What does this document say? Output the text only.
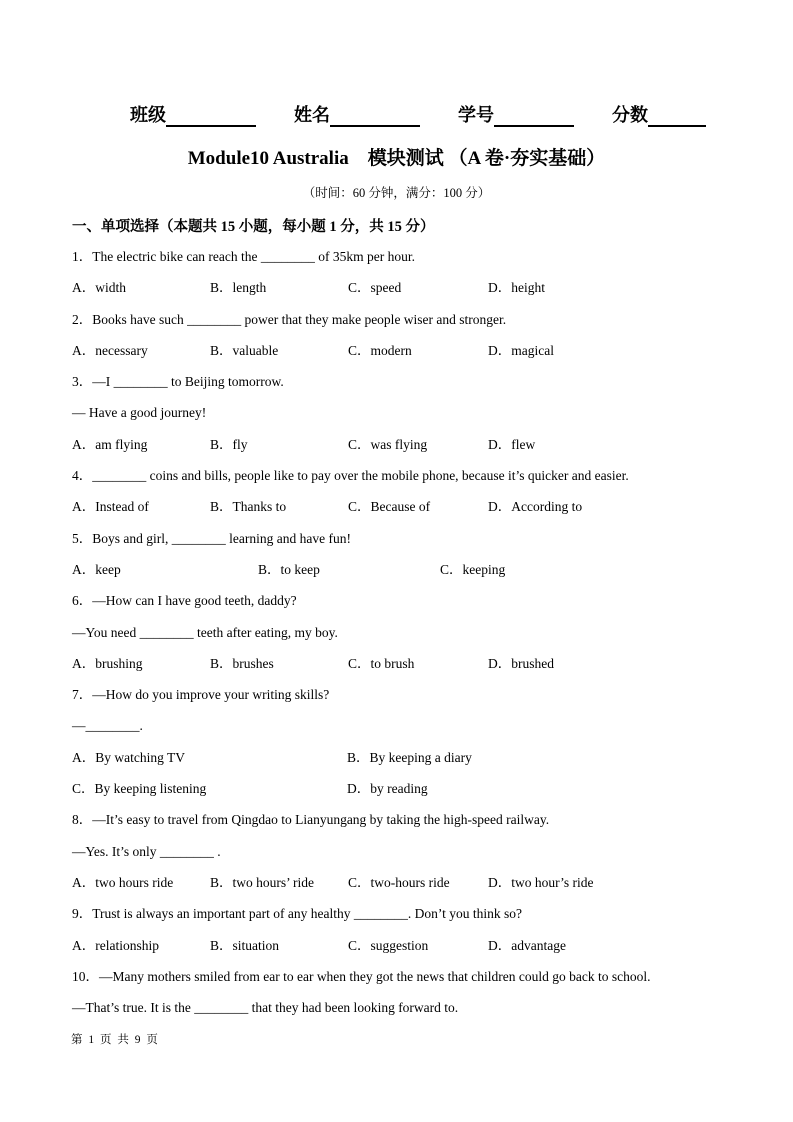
班级	姓名	学号	分数
Module10 Australia　模块测试 （A 卷·夯实基础）
（时间：60 分钟，满分：100 分）
一、单项选择（本题共 15 小题，每小题 1 分，共 15 分）
1．The electric bike can reach the ________ of 35km per hour.
A．width	B．length	C．speed	D．height
2．Books have such ________ power that they make people wiser and stronger.
A．necessary	B．valuable	C．modern	D．magical
3．—I ________ to Beijing tomorrow.
— Have a good journey!
A．am flying	B．fly	C．was flying	D．flew
4．________ coins and bills, people like to pay over the mobile phone, because it’s quicker and easier.
A．Instead of	B．Thanks to	C．Because of	D．According to
5．Boys and girl, ________ learning and have fun!
A．keep	B．to keep	C．keeping
6．—How can I have good teeth, daddy?
—You need ________ teeth after eating, my boy.
A．brushing	B．brushes	C．to brush	D．brushed
7．—How do you improve your writing skills?
—________.
A．By watching TV	B．By keeping a diary
C．By keeping listening	D．by reading
8．—It’s easy to travel from Qingdao to Lianyungang by taking the high-speed railway.
—Yes. It’s only ________ .
A．two hours ride	B．two hours’ ride	C．two-hours ride	D．two hour’s ride
9．Trust is always an important part of any healthy ________. Don’t you think so?
A．relationship	B．situation	C．suggestion	D．advantage
10．—Many mothers smiled from ear to ear when they got the news that children could go back to school.
—That’s true. It is the ________ that they had been looking forward to.
第 1 页 共 9 页
